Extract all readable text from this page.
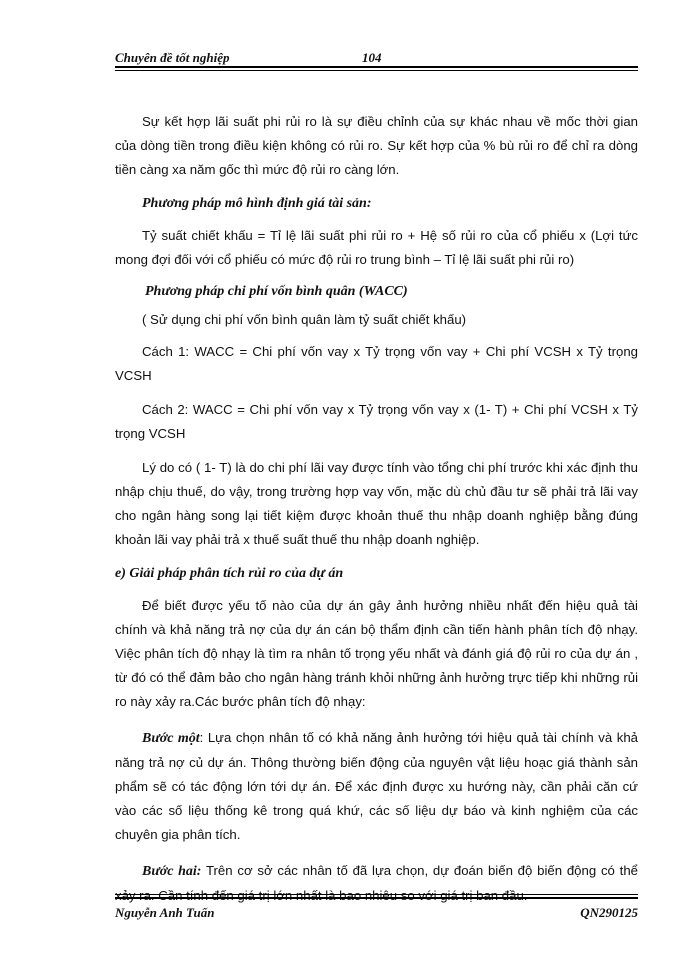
Chuyên đề tốt nghiệp	104

Sự kết hợp lãi suất phi rủi ro là sự điều chỉnh của sự khác nhau về mốc thời gian của dòng tiền trong điều kiện không có rủi ro. Sự kết hợp của % bù rủi ro để chỉ ra dòng tiền càng xa năm gốc thì mức độ rủi ro càng lớn.

Phương pháp mô hình định giá tài sản:

Tỷ suất chiết khấu = Tỉ lệ lãi suất phi rủi ro + Hệ số rủi ro của cổ phiếu x (Lợi tức mong đợi đối với cổ phiếu có mức độ rủi ro trung bình – Tỉ lệ lãi suất phi rủi ro)

Phương pháp chi phí vốn bình quân (WACC)

( Sử dụng chi phí vốn bình quân làm tỷ suất chiết khấu)

Cách 1: WACC = Chi phí vốn vay x Tỷ trọng vốn vay + Chi phí VCSH x Tỷ trọng VCSH

Cách 2: WACC = Chi phí vốn vay x Tỷ trọng vốn vay x (1- T) + Chi phí VCSH x Tỷ trọng VCSH

Lý do có ( 1- T) là do chi phí lãi vay được tính vào tổng chi phí trước khi xác định thu nhập chịu thuế, do vậy, trong trường hợp vay vốn, mặc dù chủ đầu tư sẽ phải trả lãi vay cho ngân hàng song lại tiết kiệm được khoản thuế thu nhập doanh nghiệp bằng đúng khoản lãi vay phải trả x thuế suất thuế thu nhập doanh nghiệp.

e) Giải pháp phân tích rủi ro của dự án

Để biết được yếu tố nào của dự án gây ảnh hưởng nhiều nhất đến hiệu quả tài chính và khả năng trả nợ của dự án cán bộ thẩm định cần tiến hành phân tích độ nhạy. Việc phân tích độ nhạy là tìm ra nhân tố trọng yếu nhất và đánh giá độ rủi ro của dự án , từ đó có thể đảm bảo cho ngân hàng tránh khỏi những ảnh hưởng trực tiếp khi những rủi ro này xảy ra.Các bước phân tích độ nhạy:

Bước một: Lựa chọn nhân tố có khả năng ảnh hưởng tới hiệu quả tài chính và khả năng trả nợ củ dự án. Thông thường biến động của nguyên vật liệu hoạc giá thành sản phẩm sẽ có tác động lớn tới dự án. Để xác định được xu hướng này, cần phải căn cứ vào các số liệu thống kê trong quá khứ, các số liệu dự báo và kinh nghiệm của các chuyên gia phân tích.

Bước hai: Trên cơ sở các nhân tố đã lựa chọn, dự đoán biến độ biến động có thể xảy ra. Cần tính đến giá trị lớn nhất là bao nhiêu so với giá trị ban đầu.

Nguyễn Anh Tuấn	QN290125
